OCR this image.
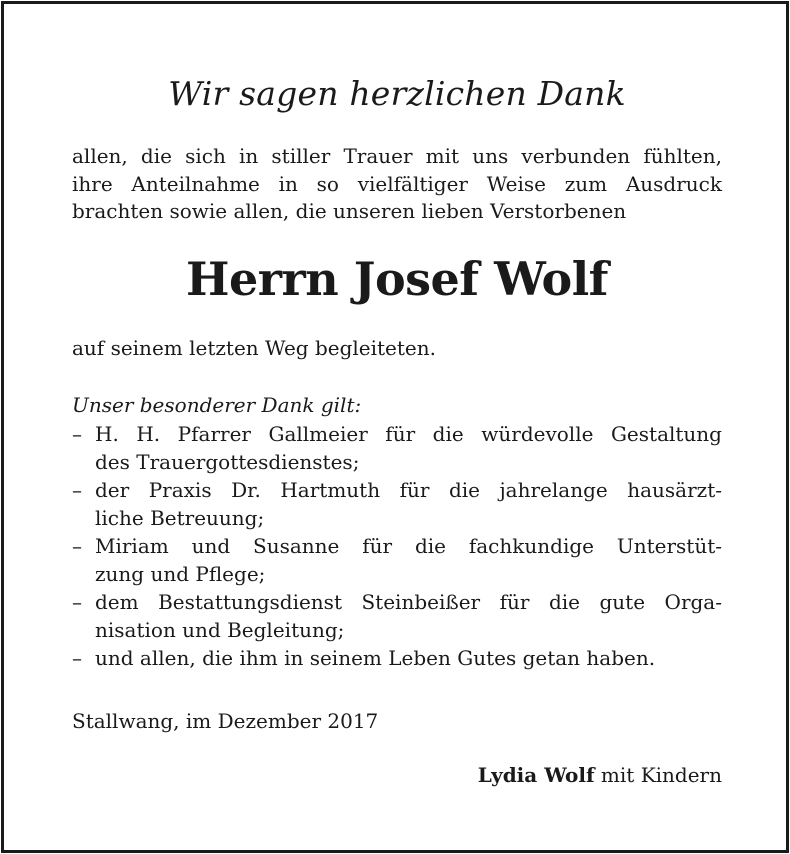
Wir sagen herzlichen Dank
allen, die sich in stiller Trauer mit uns verbunden fühlten,
ihre Anteilnahme in so vielfältiger Weise zum Ausdruck
brachten sowie allen, die unseren lieben Verstorbenen
Herrn Josef Wolf
auf seinem letzten Weg begleiteten.
Unser besonderer Dank gilt:
– H. H. Pfarrer Gallmeier für die würdevolle Gestaltung
des Trauergottesdienstes;
– der Praxis Dr. Hartmuth für die jahrelange hausärzt-
liche Betreuung;
– Miriam und Susanne für die fachkundige Unterstüt-
zung und Pflege;
– dem Bestattungsdienst Steinbeißer für die gute Orga-
nisation und Begleitung;
– und allen, die ihm in seinem Leben Gutes getan haben.
Stallwang, im Dezember 2017
Lydia Wolf mit Kindern
